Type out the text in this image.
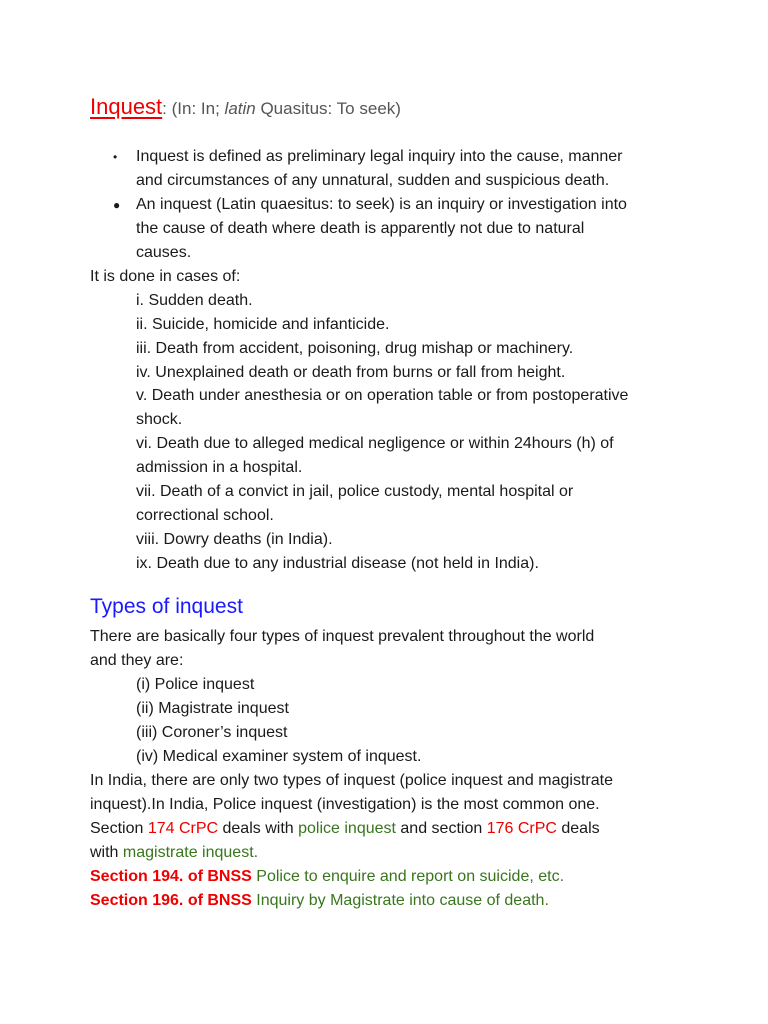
Inquest: (In: In; latin Quasitus: To seek)
• Inquest is defined as preliminary legal inquiry into the cause, manner
and circumstances of any unnatural, sudden and suspicious death.
● An inquest (Latin quaesitus: to seek) is an inquiry or investigation into
the cause of death where death is apparently not due to natural
causes.
It is done in cases of:
i. Sudden death.
ii. Suicide, homicide and infanticide.
iii. Death from accident, poisoning, drug mishap or machinery.
iv. Unexplained death or death from burns or fall from height.
v. Death under anesthesia or on operation table or from postoperative
shock.
vi. Death due to alleged medical negligence or within 24hours (h) of
admission in a hospital.
vii. Death of a convict in jail, police custody, mental hospital or
correctional school.
viii. Dowry deaths (in India).
ix. Death due to any industrial disease (not held in India).
Types of inquest
There are basically four types of inquest prevalent throughout the world
and they are:
(i) Police inquest
(ii) Magistrate inquest
(iii) Coroner’s inquest
(iv) Medical examiner system of inquest.
In India, there are only two types of inquest (police inquest and magistrate
inquest).In India, Police inquest (investigation) is the most common one.
Section 174 CrPC deals with police inquest and section 176 CrPC deals
with magistrate inquest.
Section 194. of BNSS Police to enquire and report on suicide, etc.
Section 196. of BNSS Inquiry by Magistrate into cause of death.
